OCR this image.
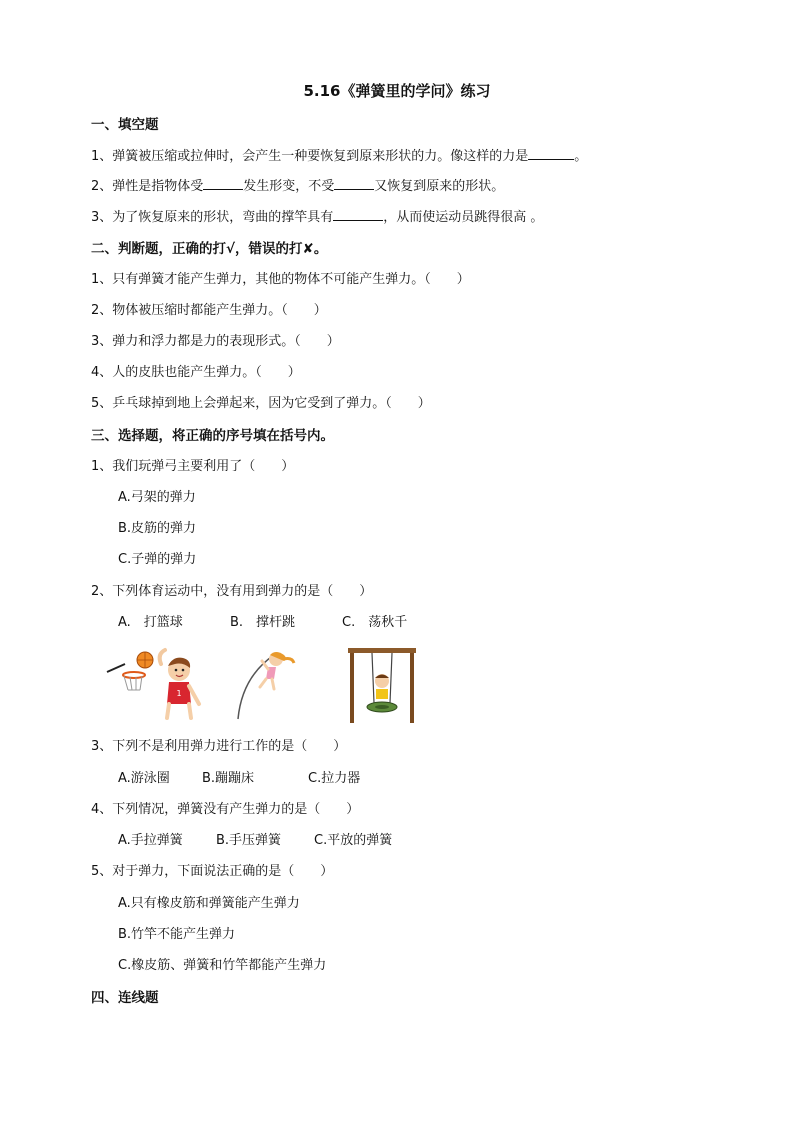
5.16《弹簧里的学问》练习
一、填空题
1、弹簧被压缩或拉伸时，会产生一种要恢复到原来形状的力。像这样的力是	。
2、弹性是指物体受	发生形变，不受	又恢复到原来的形状。
3、为了恢复原来的形状，弯曲的撑竿具有	，从而使运动员跳得很高 。
二、判断题，正确的打√，错误的打✘。
1、只有弹簧才能产生弹力，其他的物体不可能产生弹力。（　　）
2、物体被压缩时都能产生弹力。（　　）
3、弹力和浮力都是力的表现形式。（　　）
4、人的皮肤也能产生弹力。（　　）
5、乒乓球掉到地上会弹起来，因为它受到了弹力。（　　）
三、选择题，将正确的序号填在括号内。
1、我们玩弹弓主要利用了（　　）
A.弓架的弹力
B.皮筋的弹力
C.子弹的弹力
2、下列体育运动中，没有用到弹力的是（　　）
A.　打篮球	B.　撑杆跳	C.　荡秋千
1
3、下列不是利用弹力进行工作的是（　　）
A.游泳圈 B.蹦蹦床	C.拉力器
4、下列情况，弹簧没有产生弹力的是（　　）
A.手拉弹簧	B.手压弹簧	C.平放的弹簧
5、对于弹力，下面说法正确的是（　　）
A.只有橡皮筋和弹簧能产生弹力
B.竹竿不能产生弹力
C.橡皮筋、弹簧和竹竿都能产生弹力
四、连线题
